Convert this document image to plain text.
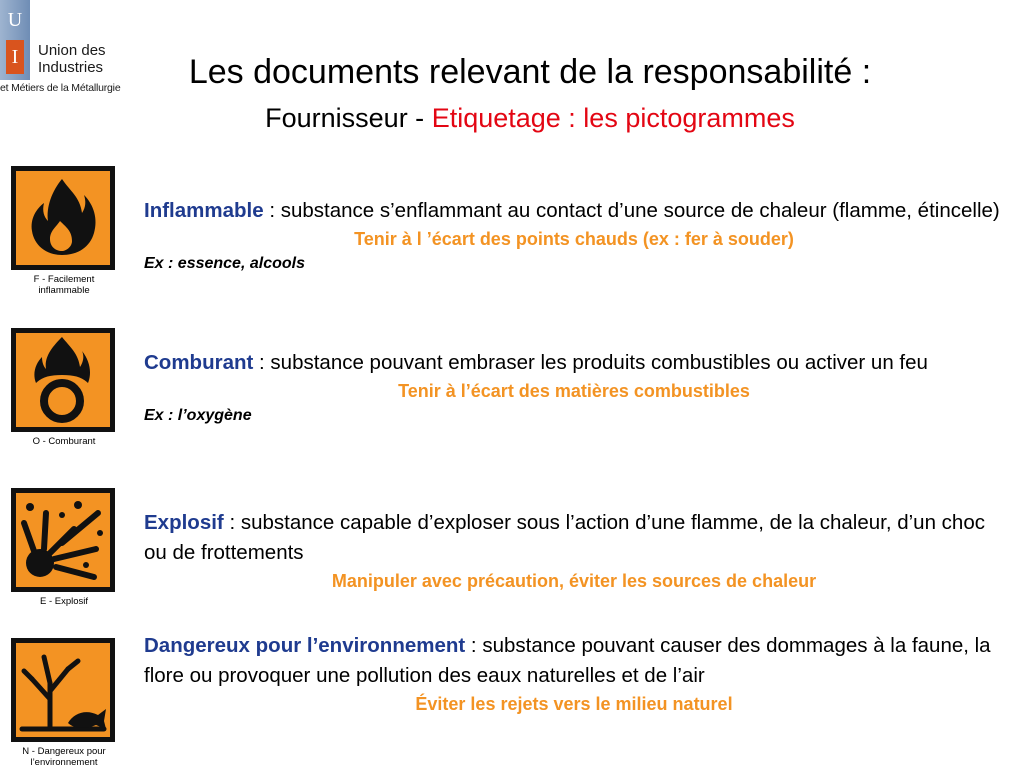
U
I	Union des
Industries
et Métiers de la Métallurgie	Les documents relevant de la responsabilité :
Fournisseur - Etiquetage : les pictogrammes
F - Facilement
inflammable
Inflammable : substance s’enflammant au contact d’une source de chaleur (flamme, étincelle)
Tenir à l ’écart des points chauds (ex : fer à souder)
Ex : essence, alcools
O - Comburant
Comburant : substance pouvant embraser les produits combustibles ou activer un feu
Tenir à l’écart des matières combustibles
Ex : l’oxygène
E - Explosif
Explosif : substance capable d’exploser sous l’action d’une flamme, de la chaleur, d’un choc ou de frottements
Manipuler avec précaution, éviter les sources de chaleur
N - Dangereux pour
l’environnement
Dangereux pour l’environnement : substance pouvant causer des dommages à la faune, la flore ou provoquer une pollution des eaux naturelles et de l’air
Éviter les rejets vers le milieu naturel
